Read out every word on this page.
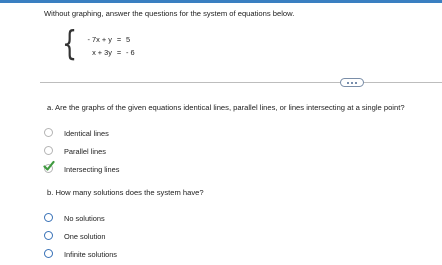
Without graphing, answer the questions for the system of equations below.
{	- 7x + y = 5
x + 3y = - 6
a. Are the graphs of the given equations identical lines, parallel lines, or lines intersecting at a single point?
Identical lines
Parallel lines
Intersecting lines
b. How many solutions does the system have?
No solutions
One solution
Infinite solutions
